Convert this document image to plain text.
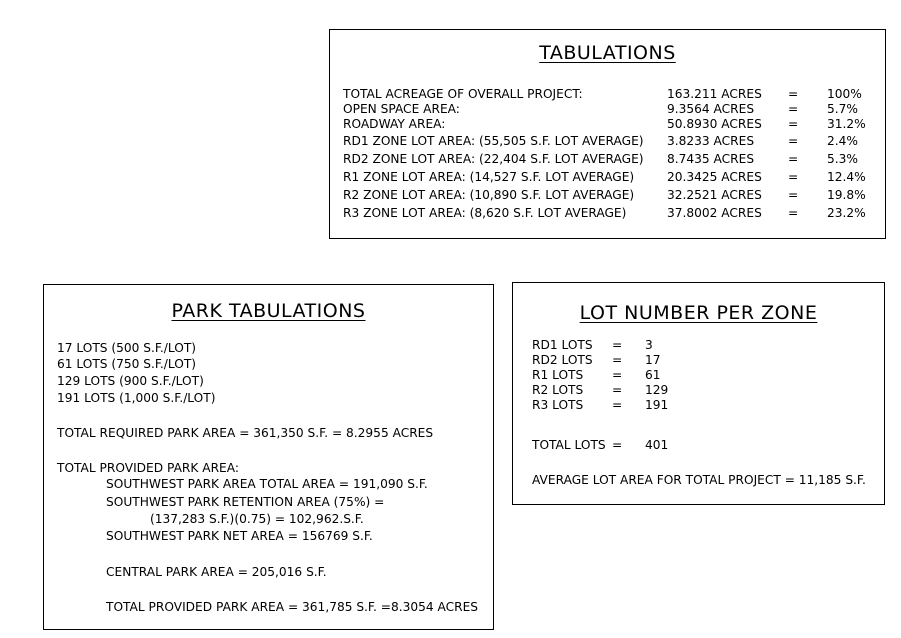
TABULATIONS
TOTAL ACREAGE OF OVERALL PROJECT:	163.211 ACRES = 100%
OPEN SPACE AREA:	9.3564 ACRES	= 5.7%
ROADWAY AREA:	50.8930 ACRES = 31.2%
RD1 ZONE LOT AREA: (55,505 S.F. LOT AVERAGE) 3.8233 ACRES	= 2.4%
RD2 ZONE LOT AREA: (22,404 S.F. LOT AVERAGE) 8.7435 ACRES	= 5.3%
R1 ZONE LOT AREA: (14,527 S.F. LOT AVERAGE)	20.3425 ACRES = 12.4%
R2 ZONE LOT AREA: (10,890 S.F. LOT AVERAGE)	32.2521 ACRES = 19.8%
R3 ZONE LOT AREA: (8,620 S.F. LOT AVERAGE)	37.8002 ACRES = 23.2%
PARK TABULATIONS
17 LOTS (500 S.F./LOT)
61 LOTS (750 S.F./LOT)
129 LOTS (900 S.F./LOT)
191 LOTS (1,000 S.F./LOT)
TOTAL REQUIRED PARK AREA = 361,350 S.F. = 8.2955 ACRES
TOTAL PROVIDED PARK AREA:
SOUTHWEST PARK AREA TOTAL AREA = 191,090 S.F.
SOUTHWEST PARK RETENTION AREA (75%) =
(137,283 S.F.)(0.75) = 102,962.S.F.
SOUTHWEST PARK NET AREA = 156769 S.F.
CENTRAL PARK AREA = 205,016 S.F.
TOTAL PROVIDED PARK AREA = 361,785 S.F. =8.3054 ACRES
LOT NUMBER PER ZONE
RD1 LOTS = 3
RD2 LOTS = 17
R1 LOTS = 61
R2 LOTS = 129
R3 LOTS = 191
TOTAL LOTS = 401
AVERAGE LOT AREA FOR TOTAL PROJECT = 11,185 S.F.
